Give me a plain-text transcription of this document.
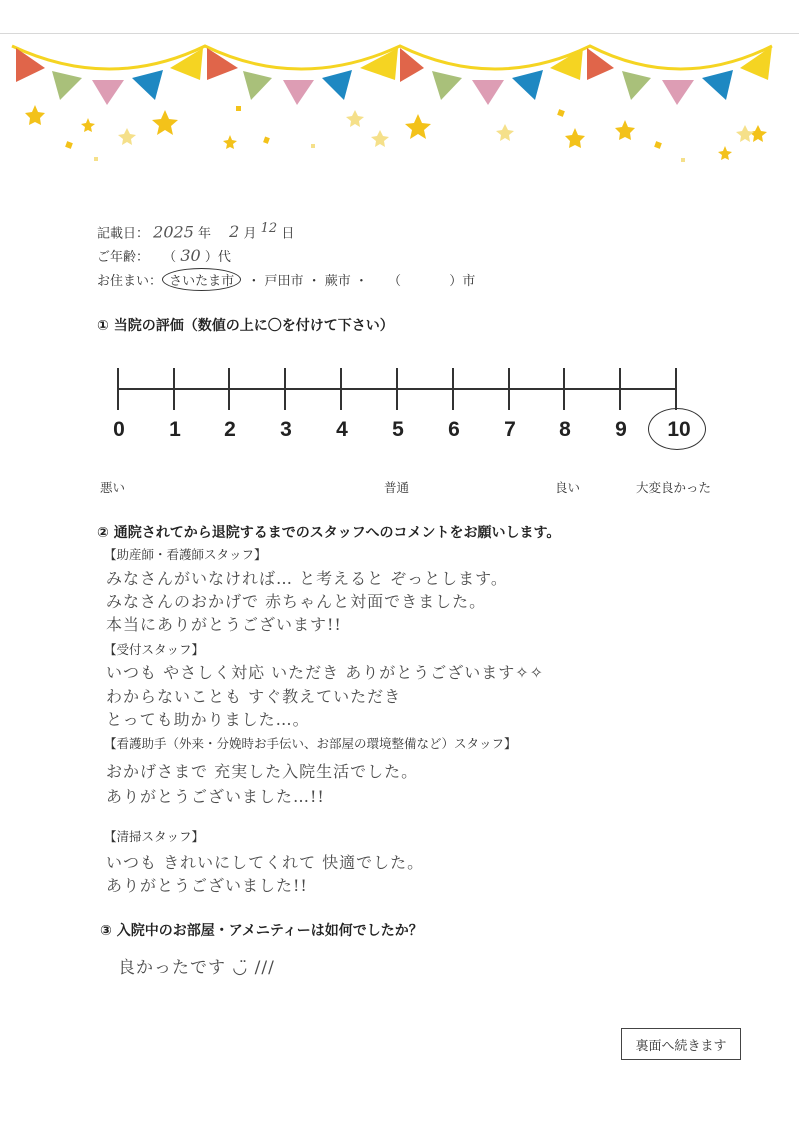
記載日： 2025 年 2 月 $^{12}$ 日
ご年齢： （ 30 ）代
お住まい： さいたま市 ・ 戸田市 ・ 蕨市 ・ （	）市
① 当院の評価（数値の上に〇を付けて下さい）
0	1	2	3	4	5	6	7	8	9	10
悪い	普通	良い	大変良かった
② 通院されてから退院するまでのスタッフへのコメントをお願いします。
【助産師・看護師スタッフ】
みなさんがいなければ… と考えると ぞっとします。
みなさんのおかげで 赤ちゃんと対面できました。
本当にありがとうございます!!
【受付スタッフ】
いつも やさしく対応 いただき ありがとうございます✧✧
わからないことも すぐ教えていただき
とっても助かりました…。
【看護助手（外来・分娩時お手伝い、お部屋の環境整備など）スタッフ】
おかげさまで 充実した入院生活でした。
ありがとうございました…!!
【清掃スタッフ】
いつも きれいにしてくれて 快適でした。
ありがとうございました!!
③ 入院中のお部屋・アメニティーは如何でしたか？
良かったです ◡̈ ///
裏面へ続きます
